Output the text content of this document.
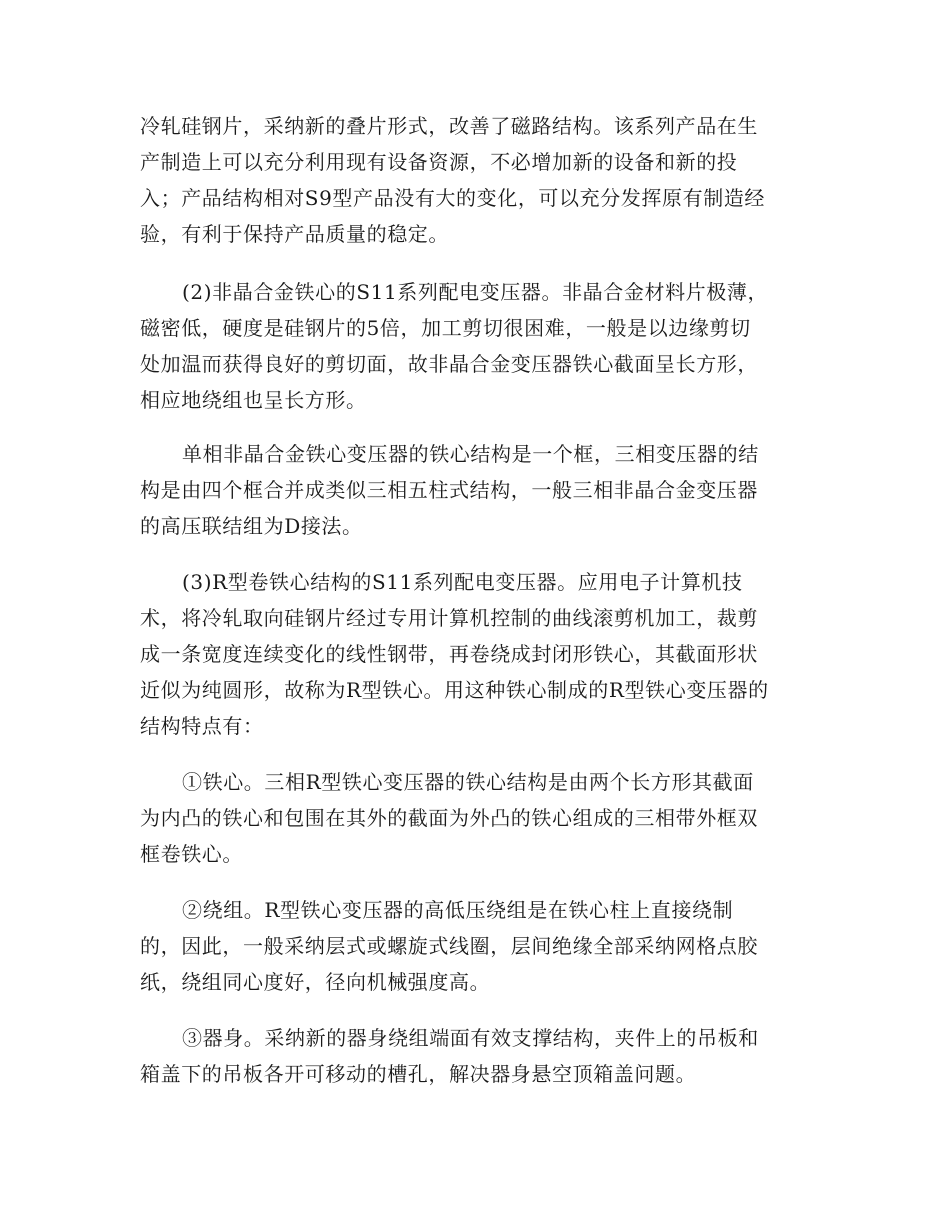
冷轧硅钢片，采纳新的叠片形式，改善了磁路结构。该系列产品在生
产制造上可以充分利用现有设备资源，不必增加新的设备和新的投
入；产品结构相对S9型产品没有大的变化，可以充分发挥原有制造经
验，有利于保持产品质量的稳定。

(2)非晶合金铁心的S11系列配电变压器。非晶合金材料片极薄，
磁密低，硬度是硅钢片的5倍，加工剪切很困难，一般是以边缘剪切
处加温而获得良好的剪切面，故非晶合金变压器铁心截面呈长方形，
相应地绕组也呈长方形。

单相非晶合金铁心变压器的铁心结构是一个框，三相变压器的结
构是由四个框合并成类似三相五柱式结构，一般三相非晶合金变压器
的高压联结组为D接法。

(3)R型卷铁心结构的S11系列配电变压器。应用电子计算机技
术，将冷轧取向硅钢片经过专用计算机控制的曲线滚剪机加工，裁剪
成一条宽度连续变化的线性钢带，再卷绕成封闭形铁心，其截面形状
近似为纯圆形，故称为R型铁心。用这种铁心制成的R型铁心变压器的
结构特点有：

①铁心。三相R型铁心变压器的铁心结构是由两个长方形其截面
为内凸的铁心和包围在其外的截面为外凸的铁心组成的三相带外框双
框卷铁心。

②绕组。R型铁心变压器的高低压绕组是在铁心柱上直接绕制
的，因此，一般采纳层式或螺旋式线圈，层间绝缘全部采纳网格点胶
纸，绕组同心度好，径向机械强度高。

③器身。采纳新的器身绕组端面有效支撑结构，夹件上的吊板和
箱盖下的吊板各开可移动的槽孔，解决器身悬空顶箱盖问题。
